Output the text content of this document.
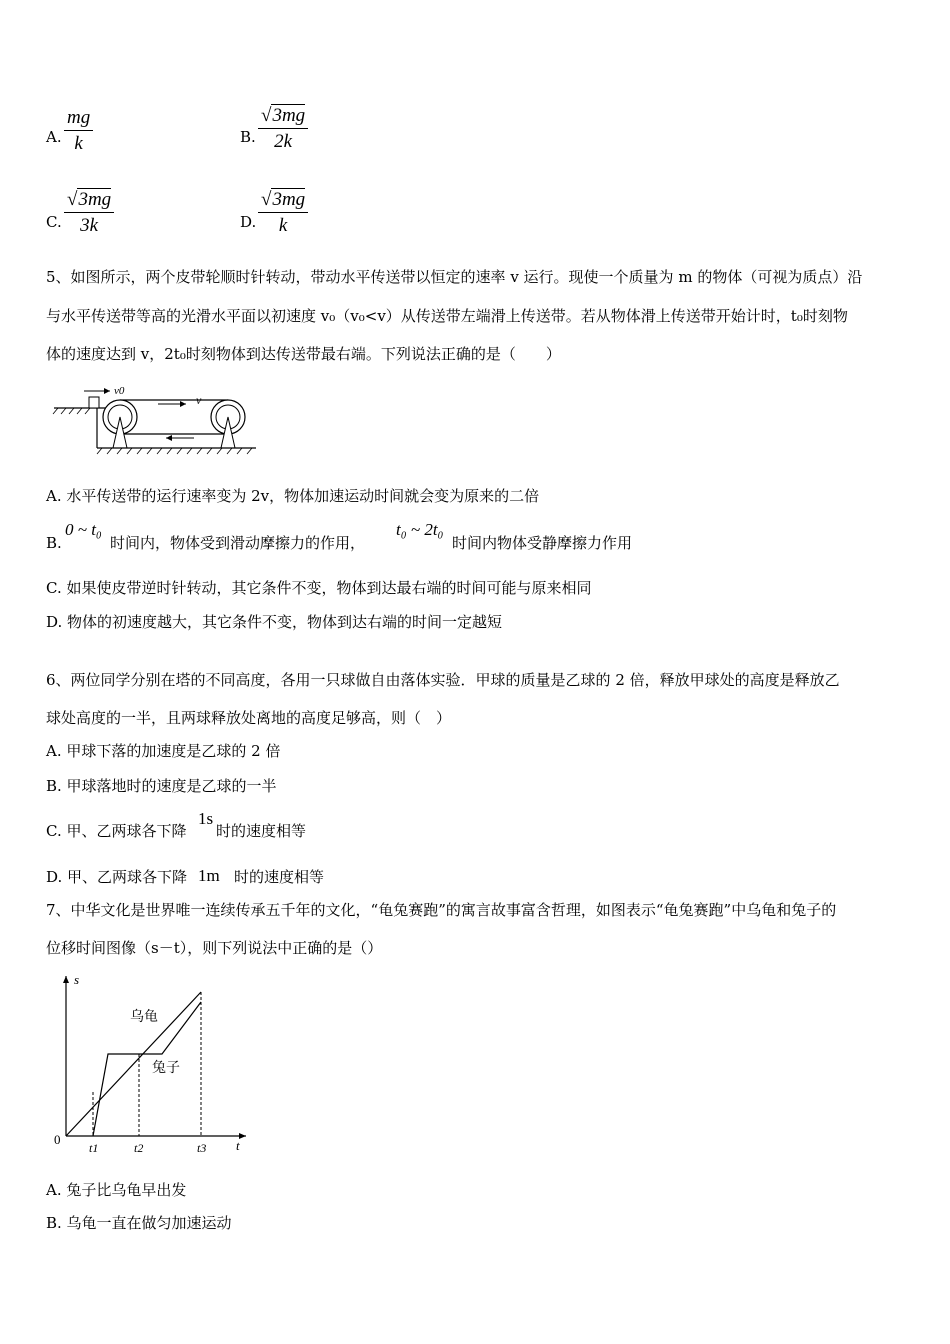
A. $\frac{mg}{k}$	B. $\frac{√3mg}{2k}$
C. $\frac{√3mg}{3k}$	D. $\frac{√3mg}{k}$
5、如图所示，两个皮带轮顺时针转动，带动水平传送带以恒定的速率 v 运行。现使一个质量为 m 的物体（可视为质点）沿
与水平传送带等高的光滑水平面以初速度 v₀（v₀<v）从传送带左端滑上传送带。若从物体滑上传送带开始计时，t₀时刻物
体的速度达到 v，2t₀时刻物体到达传送带最右端。下列说法正确的是（　　）
v0
v
A. 水平传送带的运行速率变为 2v，物体加速运动时间就会变为原来的二倍
B.
0 ~ t₀
时间内，物体受到滑动摩擦力的作用，
t₀ ~ 2t₀
时间内物体受静摩擦力作用
C. 如果使皮带逆时针转动，其它条件不变，物体到达最右端的时间可能与原来相同
D. 物体的初速度越大，其它条件不变，物体到达右端的时间一定越短
6、两位同学分别在塔的不同高度，各用一只球做自由落体实验．甲球的质量是乙球的 2 倍，释放甲球处的高度是释放乙
球处高度的一半，且两球释放处离地的高度足够高，则（　）
A. 甲球下落的加速度是乙球的 2 倍
B. 甲球落地时的速度是乙球的一半
C. 甲、乙两球各下降
1s
时的速度相等
D. 甲、乙两球各下降 1m 时的速度相等
7、中华文化是世界唯一连续传承五千年的文化，“龟兔赛跑”的寓言故事富含哲理，如图表示“龟兔赛跑”中乌龟和兔子的
位移时间图像（s－t），则下列说法中正确的是（）
s
t
0
乌龟
兔子
t1	t2	t3
A. 兔子比乌龟早出发
B. 乌龟一直在做匀加速运动
